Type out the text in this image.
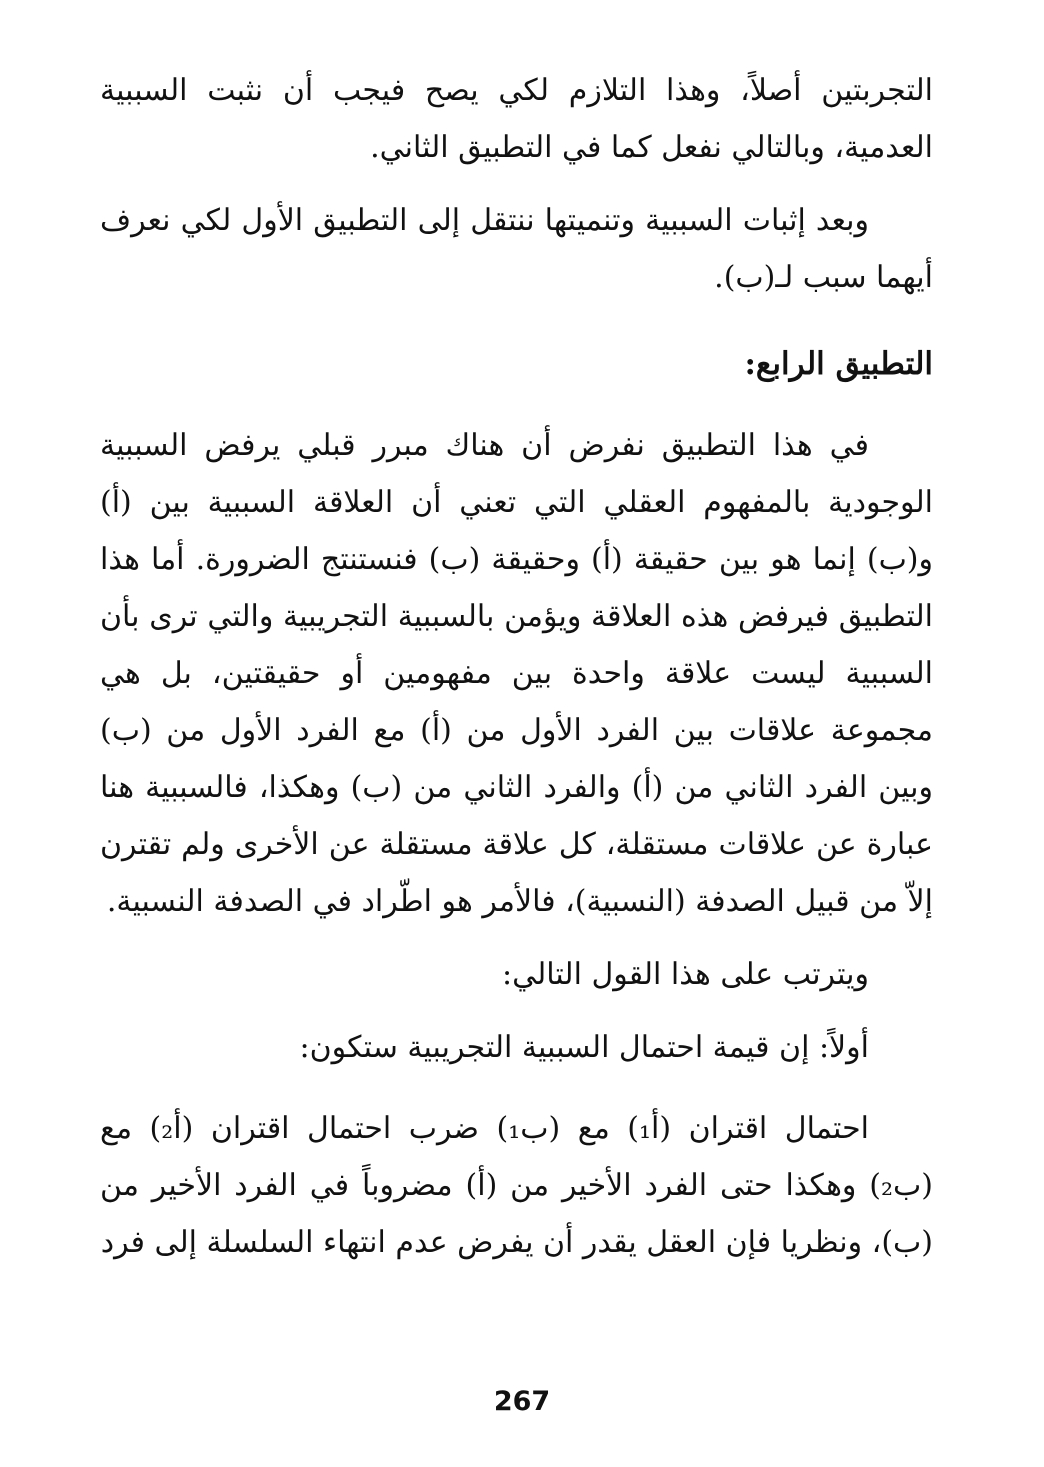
التجربتين أصلاً، وهذا التلازم لكي يصح فيجب أن نثبت السببية العدمية، وبالتالي نفعل كما في التطبيق الثاني.

وبعد إثبات السببية وتنميتها ننتقل إلى التطبيق الأول لكي نعرف أيهما سبب لـ(ب).

التطبيق الرابع:

في هذا التطبيق نفرض أن هناك مبرر قبلي يرفض السببية الوجودية بالمفهوم العقلي التي تعني أن العلاقة السببية بين (أ) و(ب) إنما هو بين حقيقة (أ) وحقيقة (ب) فنستنتج الضرورة. أما هذا التطبيق فيرفض هذه العلاقة ويؤمن بالسببية التجريبية والتي ترى بأن السببية ليست علاقة واحدة بين مفهومين أو حقيقتين، بل هي مجموعة علاقات بين الفرد الأول من (أ) مع الفرد الأول من (ب) وبين الفرد الثاني من (أ) والفرد الثاني من (ب) وهكذا، فالسببية هنا عبارة عن علاقات مستقلة، كل علاقة مستقلة عن الأخرى ولم تقترن إلاّ من قبيل الصدفة (النسبية)، فالأمر هو اطّراد في الصدفة النسبية.

ويترتب على هذا القول التالي:

أولاً: إن قيمة احتمال السببية التجريبية ستكون:

احتمال اقتران (أ₁) مع (ب₁) ضرب احتمال اقتران (أ₂) مع (ب₂) وهكذا حتى الفرد الأخير من (أ) مضروباً في الفرد الأخير من (ب)، ونظريا فإن العقل يقدر أن يفرض عدم انتهاء السلسلة إلى فرد

267
